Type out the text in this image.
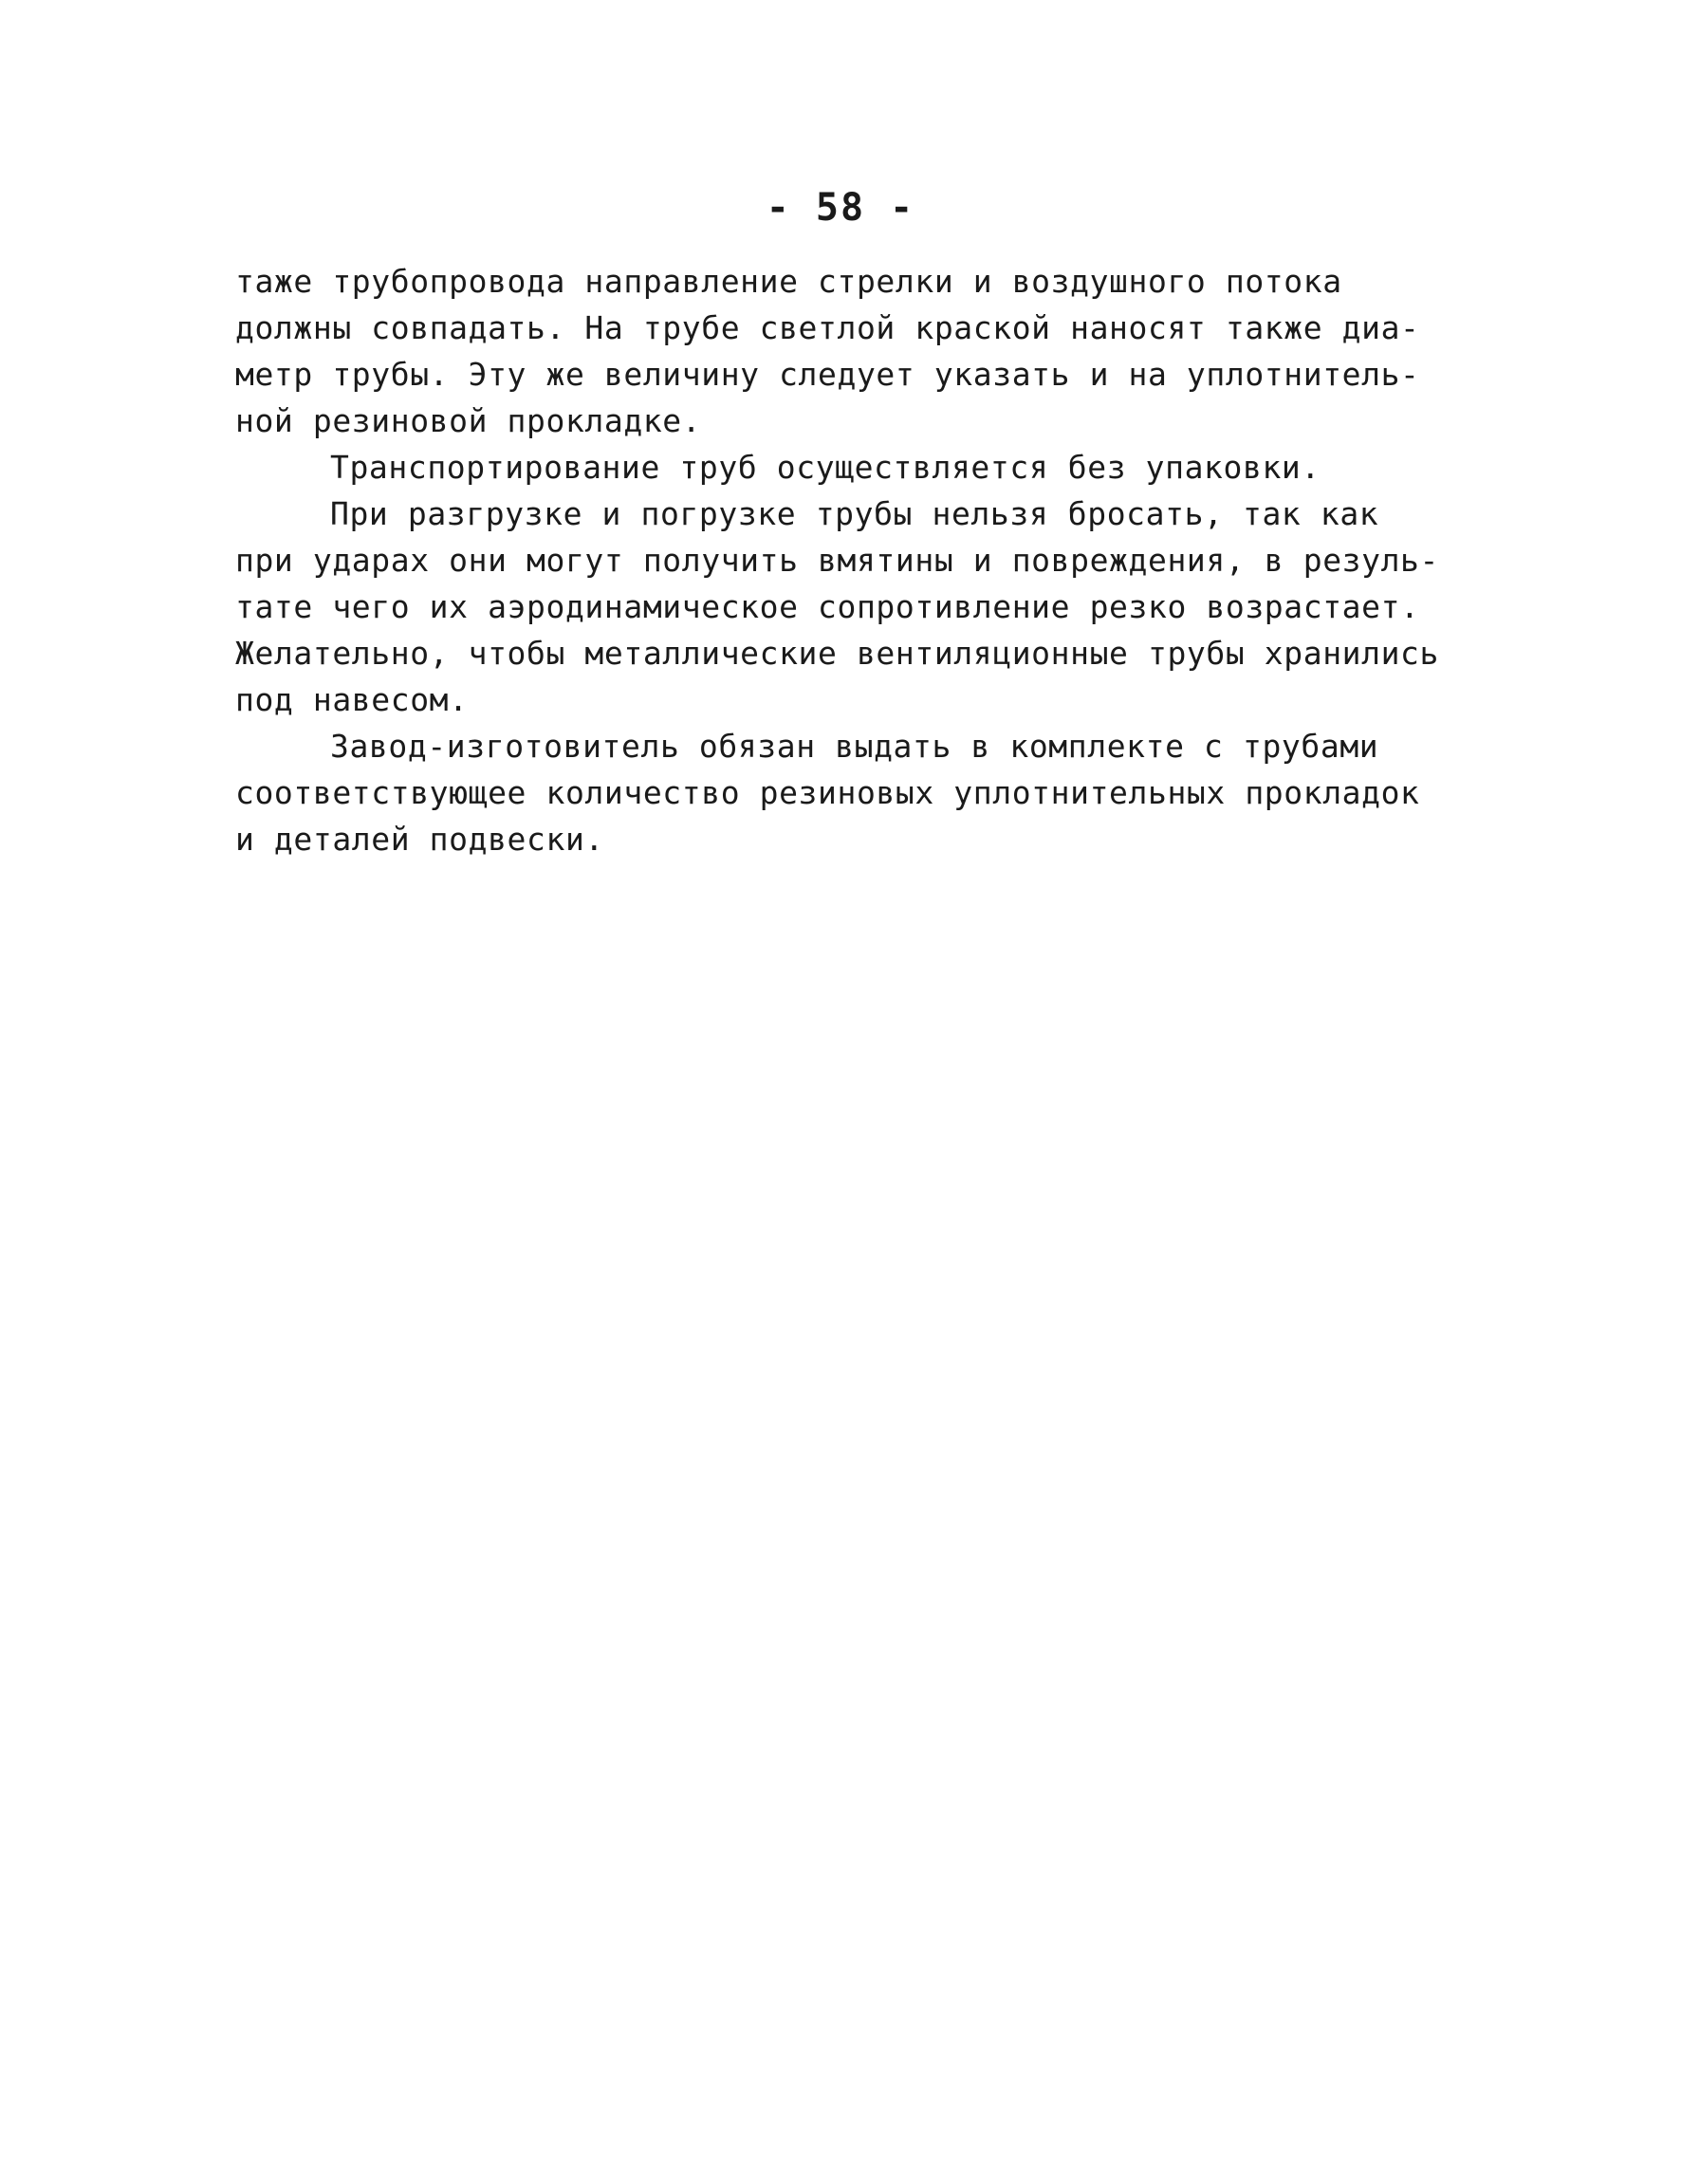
- 58 -
таже трубопровода направление стрелки и воздушного потока
должны совпадать. На трубе светлой краской наносят также диа-
метр трубы. Эту же величину следует указать и на уплотнитель-
ной резиновой прокладке.
Транспортирование труб осуществляется без упаковки.
При разгрузке и погрузке трубы нельзя бросать, так как
при ударах они могут получить вмятины и повреждения, в резуль-
тате чего их аэродинамическое сопротивление резко возрастает.
Желательно, чтобы металлические вентиляционные трубы хранились
под навесом.
Завод-изготовитель обязан выдать в комплекте с трубами
соответствующее количество резиновых уплотнительных прокладок
и деталей подвески.
